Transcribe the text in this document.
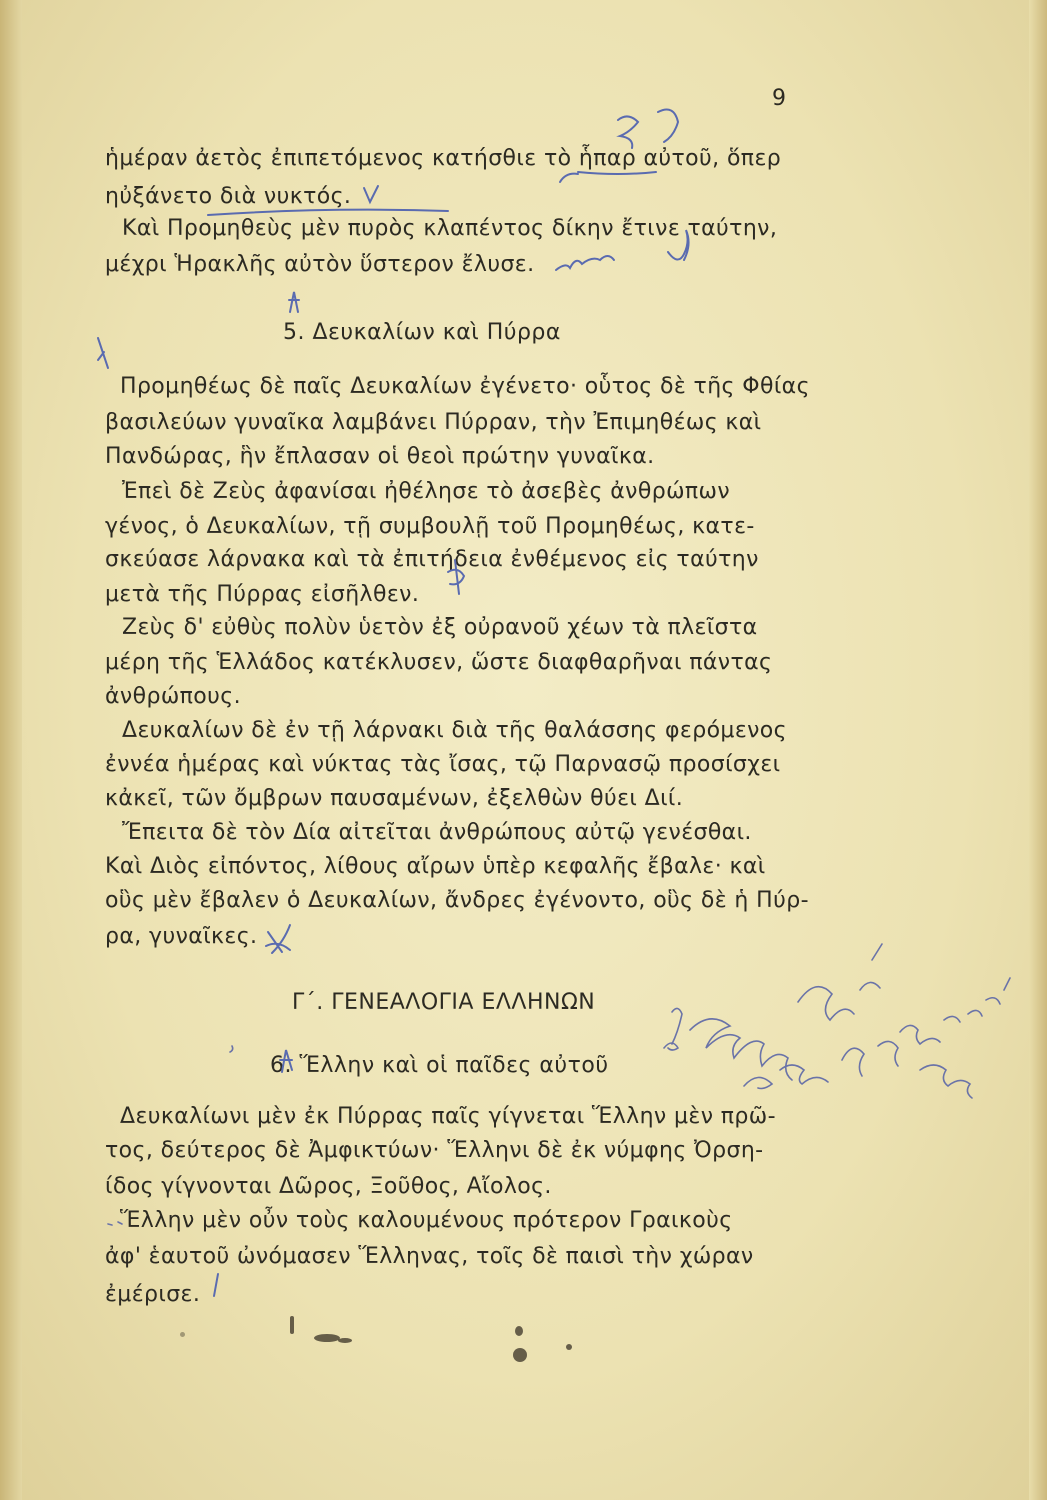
9
ἡμέραν ἀετὸς ἐπιπετόμενος κατήσθιε τὸ ἧπαρ αὐτοῦ, ὅπερ
ηὐξάνετο διὰ νυκτός.
Καὶ Προμηθεὺς μὲν πυρὸς κλαπέντος δίκην ἔτινε ταύτην,
μέχρι Ἡρακλῆς αὐτὸν ὕστερον ἔλυσε.
5. Δευκαλίων καὶ Πύρρα
Προμηθέως δὲ παῖς Δευκαλίων ἐγένετο· οὗτος δὲ τῆς Φθίας
βασιλεύων γυναῖκα λαμβάνει Πύρραν, τὴν Ἐπιμηθέως καὶ
Πανδώρας, ἣν ἔπλασαν οἱ θεοὶ πρώτην γυναῖκα.
Ἐπεὶ δὲ Ζεὺς ἀφανίσαι ἠθέλησε τὸ ἀσεβὲς ἀνθρώπων
γένος, ὁ Δευκαλίων, τῇ συμβουλῇ τοῦ Προμηθέως, κατε-
σκεύασε λάρνακα καὶ τὰ ἐπιτήδεια ἐνθέμενος εἰς ταύτην
μετὰ τῆς Πύρρας εἰσῆλθεν.
Ζεὺς δ' εὐθὺς πολὺν ὑετὸν ἐξ οὐρανοῦ χέων τὰ πλεῖστα
μέρη τῆς Ἑλλάδος κατέκλυσεν, ὥστε διαφθαρῆναι πάντας
ἀνθρώπους.
Δευκαλίων δὲ ἐν τῇ λάρνακι διὰ τῆς θαλάσσης φερόμενος
ἐννέα ἡμέρας καὶ νύκτας τὰς ἴσας, τῷ Παρνασῷ προσίσχει
κἀκεῖ, τῶν ὄμβρων παυσαμένων, ἐξελθὼν θύει Διί.
Ἔπειτα δὲ τὸν Δία αἰτεῖται ἀνθρώπους αὐτῷ γενέσθαι.
Καὶ Διὸς εἰπόντος, λίθους αἴρων ὑπὲρ κεφαλῆς ἔβαλε· καὶ
οὓς μὲν ἔβαλεν ὁ Δευκαλίων, ἄνδρες ἐγένοντο, οὓς δὲ ἡ Πύρ-
ρα, γυναῖκες.
Γ΄. ΓΕΝΕΑΛΟΓΙΑ ΕΛΛΗΝΩΝ
6. Ἕλλην καὶ οἱ παῖδες αὐτοῦ
Δευκαλίωνι μὲν ἐκ Πύρρας παῖς γίγνεται Ἕλλην μὲν πρῶ-
τος, δεύτερος δὲ Ἀμφικτύων· Ἕλληνι δὲ ἐκ νύμφης Ὀρση-
ίδος γίγνονται Δῶρος, Ξοῦθος, Αἴολος.
Ἕλλην μὲν οὖν τοὺς καλουμένους πρότερον Γραικοὺς
ἀφ' ἑαυτοῦ ὠνόμασεν Ἕλληνας, τοῖς δὲ παισὶ τὴν χώραν
ἐμέρισε.
